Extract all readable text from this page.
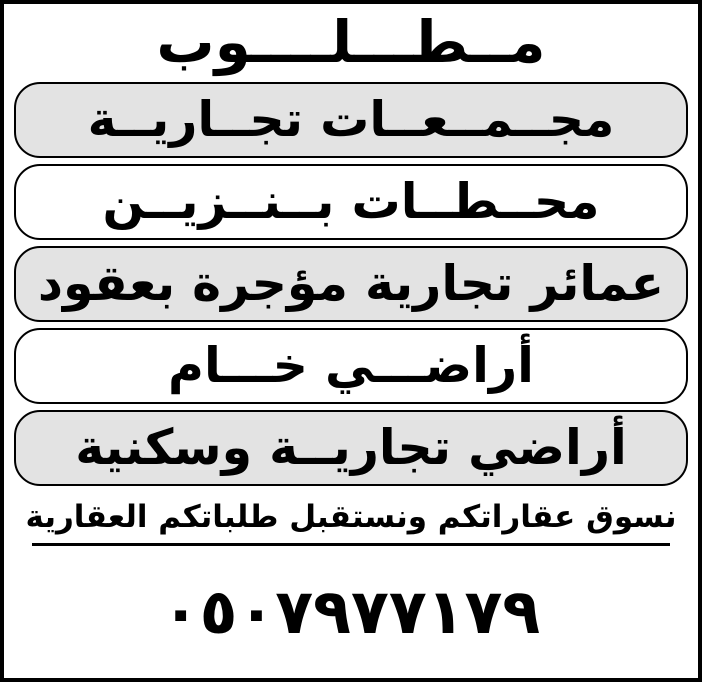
مــطـــلــــوب
مجــمــعــات تجــاريــة
محــطــات بــنــزيــن
عمائر تجارية مؤجرة بعقود
أراضـــي خـــام
أراضي تجاريــة وسكنية
نسوق عقاراتكم ونستقبل طلباتكم العقارية
٠٥٠٧٩٧٧١٧٩
